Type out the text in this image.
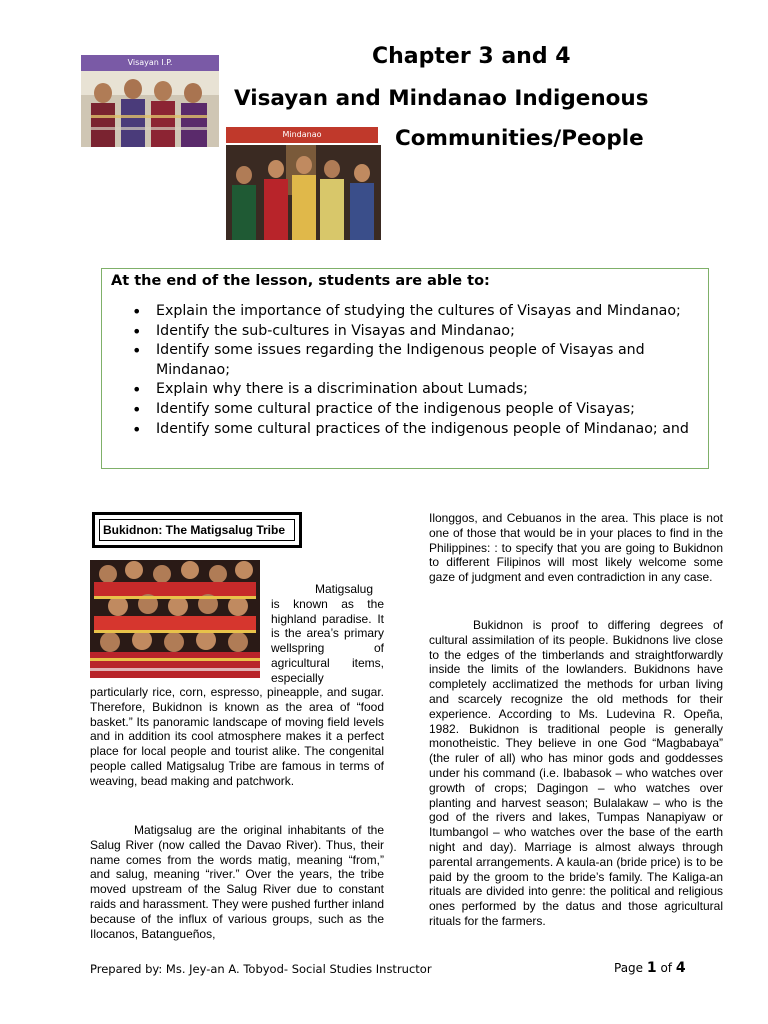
Visayan I.P.
Mindanao
Chapter 3 and 4
Visayan and Mindanao Indigenous
Communities/People
At the end of the lesson, students are able to:
• Explain the importance of studying the cultures of Visayas and Mindanao;
• Identify the sub-cultures in Visayas and Mindanao;
• Identify some issues regarding the Indigenous people of Visayas and Mindanao;
• Explain why there is a discrimination about Lumads;
• Identify some cultural practice of the indigenous people of Visayas;
• Identify some cultural practices of the indigenous people of Mindanao; and
Bukidnon: The Matigsalug Tribe

Matigsalug is known as the highland paradise. It is the area’s primary wellspring of agricultural items, especially

particularly rice, corn, espresso, pineapple, and sugar. Therefore, Bukidnon is known as the area of “food basket.” Its panoramic landscape of moving field levels and in addition its cool atmosphere makes it a perfect place for local people and tourist alike. The congenital people called Matigsalug Tribe are famous in terms of weaving, bead making and patchwork.

Matigsalug are the original inhabitants of the Salug River (now called the Davao River). Thus, their name comes from the words matig, meaning “from,” and salug, meaning “river.” Over the years, the tribe moved upstream of the Salug River due to constant raids and harassment. They were pushed further inland because of the influx of various groups, such as the Ilocanos, Batangueños,

Ilonggos, and Cebuanos in the area. This place is not one of those that would be in your places to find in the Philippines: : to specify that you are going to Bukidnon to different Filipinos will most likely welcome some gaze of judgment and even contradiction in any case.

Bukidnon is proof to differing degrees of cultural assimilation of its people. Bukidnons live close to the edges of the timberlands and straightforwardly inside the limits of the lowlanders. Bukidnons have completely acclimatized the methods for urban living and scarcely recognize the old methods for their experience. According to Ms. Ludevina R. Opeña, 1982. Bukidnon is traditional people is generally monotheistic. They believe in one God “Magbabaya” (the ruler of all) who has minor gods and goddesses under his command (i.e. Ibabasok – who watches over growth of crops; Dagingon – who watches over planting and harvest season; Bulalakaw – who is the god of the rivers and lakes, Tumpas Nanapiyaw or Itumbangol – who watches over the base of the earth night and day). Marriage is almost always through parental arrangements. A kaula-an (bride price) is to be paid by the groom to the bride’s family. The Kaliga-an rituals are divided into genre: the political and religious ones performed by the datus and those agricultural rituals for the farmers.

Prepared by: Ms. Jey-an A. Tobyod- Social Studies Instructor	Page 1 of 4
